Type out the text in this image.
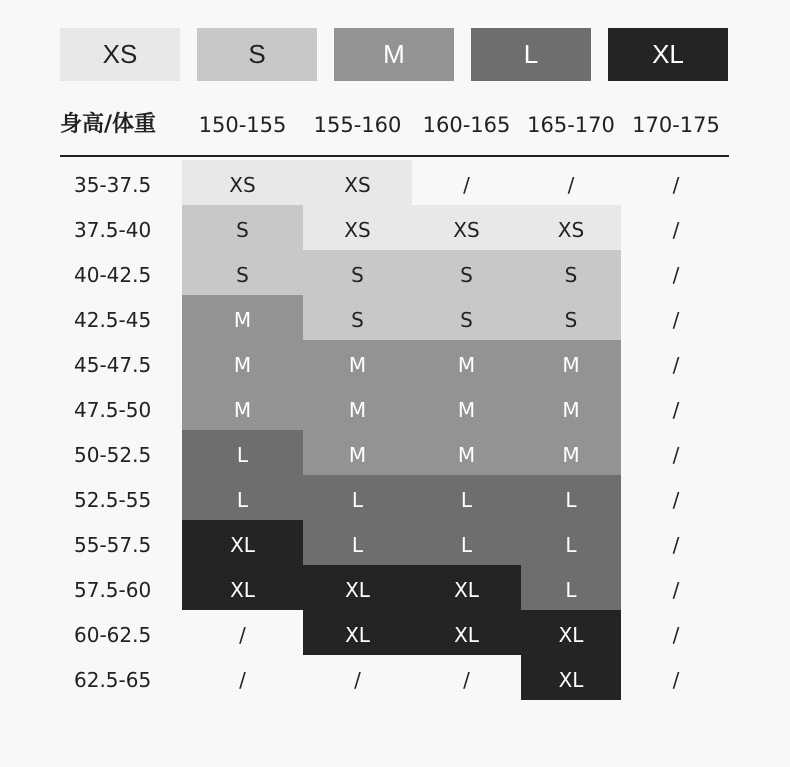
XS	S	M	L	XL
身高/体重	150-155	155-160	160-165 165-170 170-175
35-37.5	XS	XS	/	/	/
37.5-40	S	XS	XS	XS	/
40-42.5	S	S	S	S	/
42.5-45	M	S	S	S	/
45-47.5	M	M	M	M	/
47.5-50	M	M	M	M	/
50-52.5	L	M	M	M	/
52.5-55	L	L	L	L	/
55-57.5	XL	L	L	L	/
57.5-60	XL	XL	XL	L	/
60-62.5	/	XL	XL	XL	/
62.5-65	/	/	/	XL	/
